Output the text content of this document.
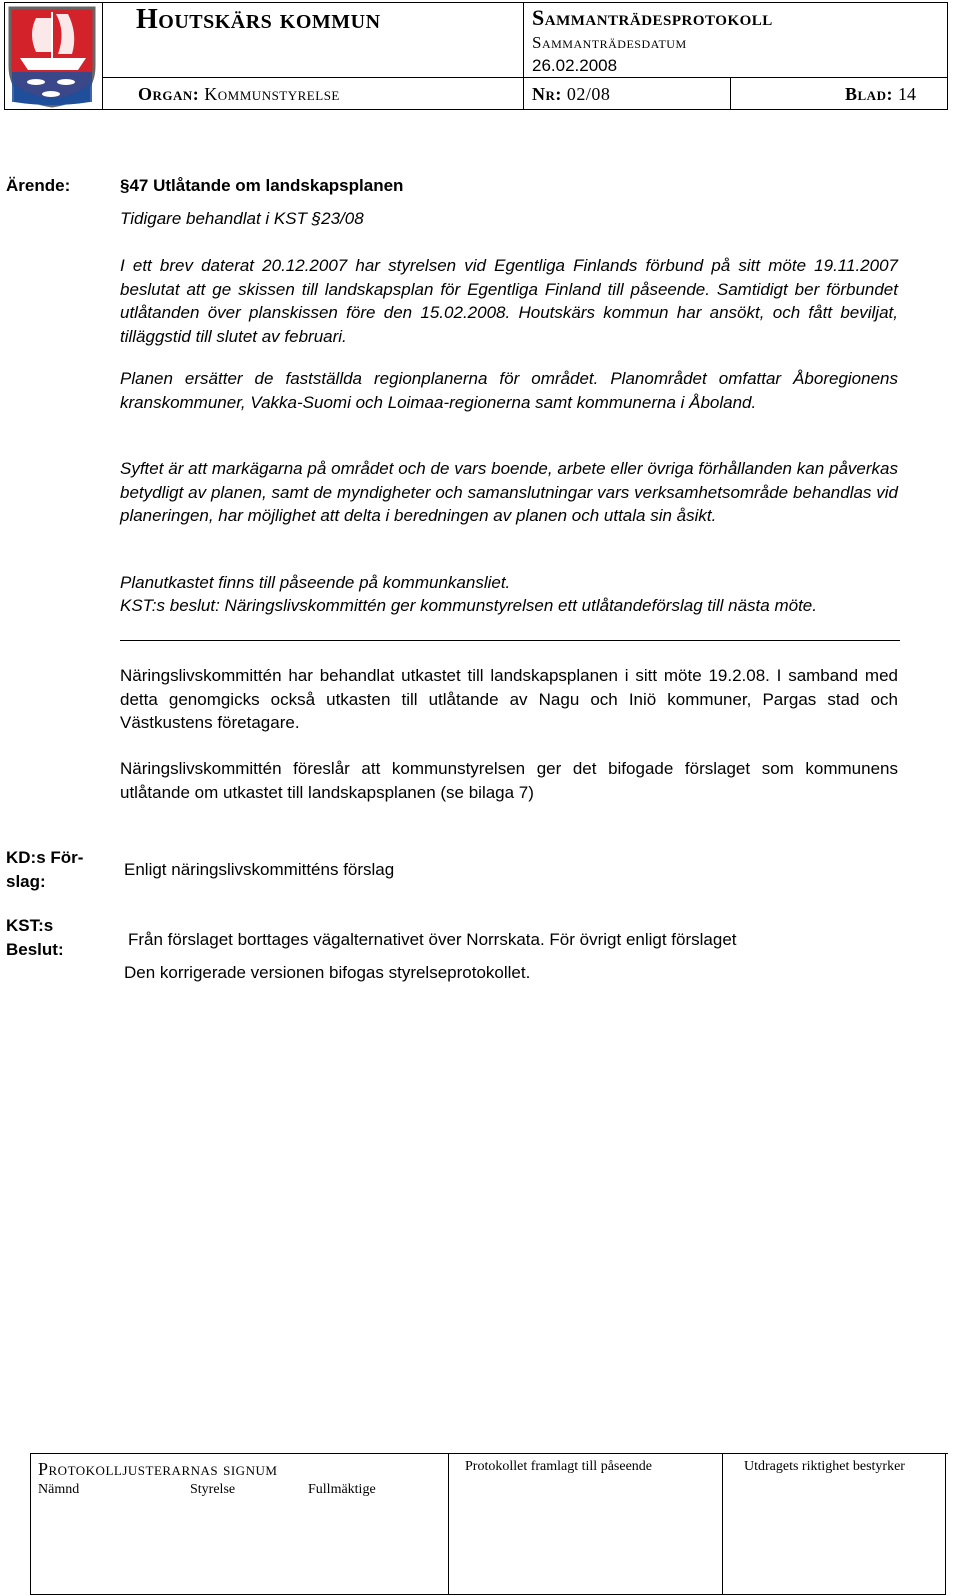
Houtskärs kommun	Sammanträdesprotokoll
Sammanträdesdatum
26.02.2008
Organ: Kommunstyrelse	Nr: 02/08	Blad: 14
Ärende:	§47 Utlåtande om landskapsplanen
Tidigare behandlat i KST §23/08
I ett brev daterat 20.12.2007 har styrelsen vid Egentliga Finlands förbund på sitt möte 19.11.2007 beslutat att ge skissen till landskapsplan för Egentliga Finland till påseende. Samtidigt ber förbundet utlåtanden över planskissen före den 15.02.2008. Houtskärs kommun har ansökt, och fått beviljat, tilläggstid till slutet av februari.
Planen ersätter de fastställda regionplanerna för området. Planområdet omfattar Åboregionens kranskommuner, Vakka-Suomi och Loimaa-regionerna samt kommunerna i Åboland.
Syftet är att markägarna på området och de vars boende, arbete eller övriga förhållanden kan påverkas betydligt av planen, samt de myndigheter och samanslutningar vars verksamhetsområde behandlas vid planeringen, har möjlighet att delta i beredningen av planen och uttala sin åsikt.
Planutkastet finns till påseende på kommunkansliet.
KST:s beslut: Näringslivskommittén ger kommunstyrelsen ett utlåtandeförslag till nästa möte.
Näringslivskommittén har behandlat utkastet till landskapsplanen i sitt möte 19.2.08. I samband med detta genomgicks också utkasten till utlåtande av Nagu och Iniö kommuner, Pargas stad och Västkustens företagare.
Näringslivskommittén föreslår att kommunstyrelsen ger det bifogade förslaget som kommunens utlåtande om utkastet till landskapsplanen (se bilaga 7)
KD:s För-
slag:
Enligt näringslivskommitténs förslag
KST:s
Beslut:
Från förslaget borttages vägalternativet över Norrskata. För övrigt enligt förslaget
Den korrigerade versionen bifogas styrelseprotokollet.
Protokolljusterarnas signum
Nämnd	Styrelse	Fullmäktige
Protokollet framlagt till påseende	Utdragets riktighet bestyrker
